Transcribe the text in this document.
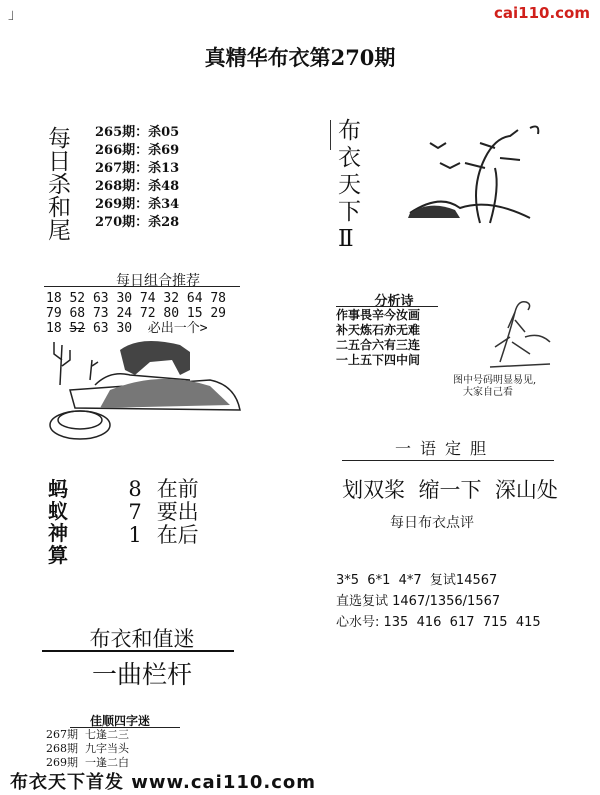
」	cai110.com
真精华布衣第270期
每
日
杀
和
尾
265期：杀05
266期：杀69
267期：杀13
268期：杀48
269期：杀34
270期：杀28
每日组合推荐
18 52 63 30 74 32 64 78
79 68 73 24 72 80 15 29
18 52 63 30  必出一个>
蚂
蚁
神
算
8 在前
7 要出
1 在后
布衣和值迷
一曲栏杆
佳顺四字迷
267期  七逢二三
268期  九字当头
269期  一逢二白
布
衣
天
下
Ⅱ
分析诗
作事畏辛今汝画
补天炼石亦无难
二五合六有三连
一上五下四中间
图中号码明显易见,
大家自己看
一语定胆
划双桨  缩一下  深山处
每日布衣点评
3*5  6*1  4*7  复试14567
直选复试 1467/1356/1567
心水号: 135  416  617  715  415
布衣天下首发 www.cai110.com
